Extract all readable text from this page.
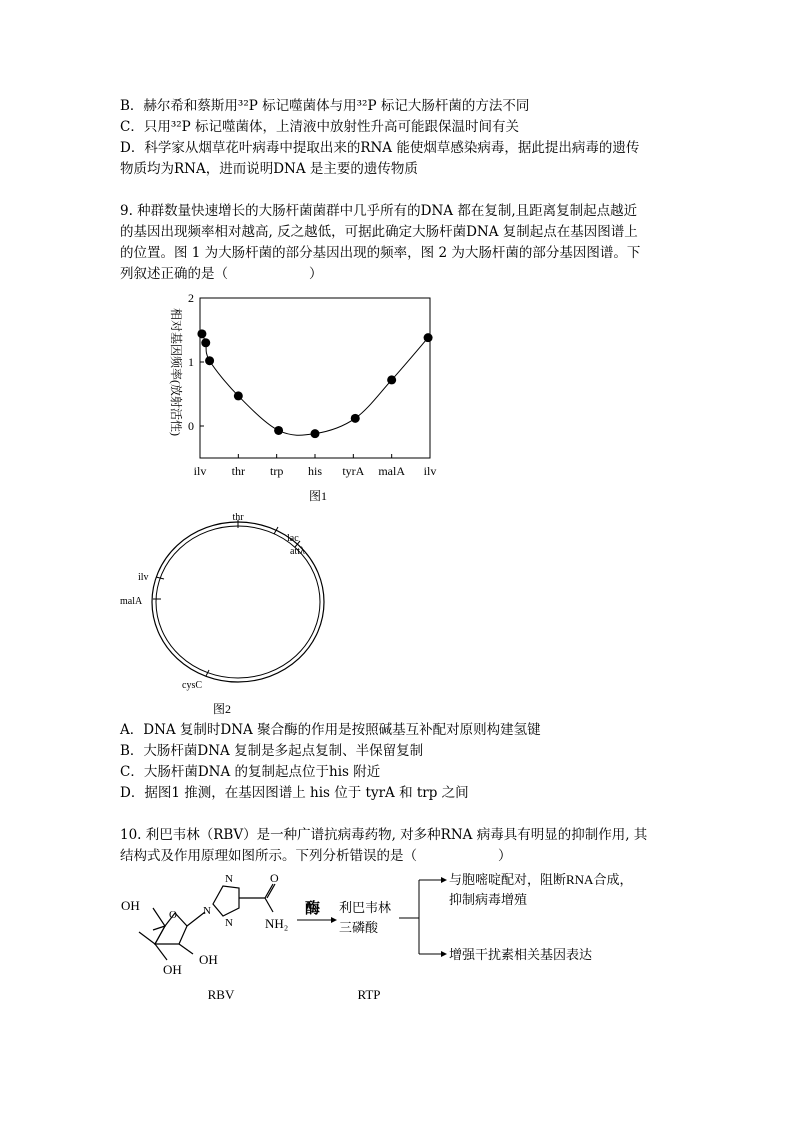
B．赫尔希和蔡斯用³²P 标记噬菌体与用³²P 标记大肠杆菌的方法不同
C．只用³²P 标记噬菌体，上清液中放射性升高可能跟保温时间有关
D．科学家从烟草花叶病毒中提取出来的RNA 能使烟草感染病毒，据此提出病毒的遗传
物质均为RNA，进而说明DNA 是主要的遗传物质
9. 种群数量快速增长的大肠杆菌菌群中几乎所有的DNA 都在复制,且距离复制起点越近
的基因出现频率相对越高, 反之越低，可据此确定大肠杆菌DNA 复制起点在基因图谱上
的位置。图 1 为大肠杆菌的部分基因出现的频率，图 2 为大肠杆菌的部分基因图谱。下
列叙述正确的是（　　　　　　）
相对基因频率(放射活性)
2
1
0
ilv thr trp his tyrA malA ilv
图1
thr
lac
attλ
ilv
malA
cysC
图2
A．DNA 复制时DNA 聚合酶的作用是按照碱基互补配对原则构建氢键
B．大肠杆菌DNA 复制是多起点复制、半保留复制
C．大肠杆菌DNA 的复制起点位于his 附近
D．据图1 推测，在基因图谱上 his 位于 tyrA 和 trp 之间
10. 利巴韦林（RBV）是一种广谱抗病毒药物, 对多种RNA 病毒具有明显的抑制作用, 其
结构式及作用原理如图所示。下列分析错误的是（　　　　　　）
OH
O
OH
OH
N
N
N
O
NH₂
酶 利巴韦林
三磷酸
与胞嘧啶配对，阻断RNA合成，
抑制病毒增殖
增强干扰素相关基因表达
RBV	RTP
